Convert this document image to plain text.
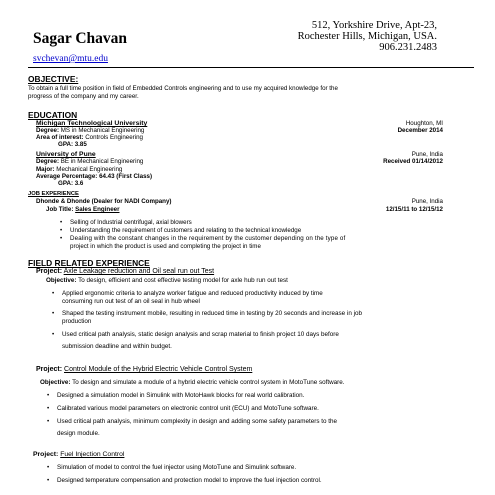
Sagar Chavan
512, Yorkshire Drive, Apt-23,
Rochester Hills, Michigan, USA.
906.231.2483
svchevan@mtu.edu
OBJECTIVE:
To obtain a full time position in field of Embedded Controls engineering and to use my acquired knowledge for the
progress of the company and my career.
EDUCATION
Michigan Technological University	Houghton, MI
Degree: MS in Mechanical Engineering	December 2014
Area of interest: Controls Engineering
GPA: 3.85
University of Pune	Pune, India
Degree: BE in Mechanical Engineering	Received 01/14/2012
Major: Mechanical Engineering
Average Percentage: 64.43 (First Class)
GPA: 3.6
JOB EXPERIENCE
Dhonde & Dhonde (Dealer for NADI Company)	Pune, India
Job Title: Sales Engineer	12/15/11 to 12/15/12
• Selling of Industrial centrifugal, axial blowers
• Understanding the requirement of customers and relating to the technical knowledge
• Dealing with the constant changes in the requirement by the customer depending on the type of
project in which the product is used and completing the project in time
FIELD RELATED EXPERIENCE
Project: Axle Leakage reduction and Oil seal run out Test
Objective: To design, efficient and cost effective testing model for axle hub run out test
• Applied ergonomic criteria to analyze worker fatigue and reduced productivity induced by time
consuming run out test of an oil seal in hub wheel
• Shaped the testing instrument mobile, resulting in reduced time in testing by 20 seconds and increase in job
production
• Used critical path analysis, static design analysis and scrap material to finish project 10 days before
submission deadline and within budget.
Project: Control Module of the Hybrid Electric Vehicle Control System
Objective: To design and simulate a module of a hybrid electric vehicle control system in MotoTune software.
• Designed a simulation model in Simulink with MotoHawk blocks for real world calibration.
• Calibrated various model parameters on electronic control unit (ECU) and MotoTune software.
• Used critical path analysis, minimum complexity in design and adding some safety parameters to the
design module.
Project: Fuel Injection Control
• Simulation of model to control the fuel injector using MotoTune and Simulink software.
• Designed temperature compensation and protection model to improve the fuel injection control.
